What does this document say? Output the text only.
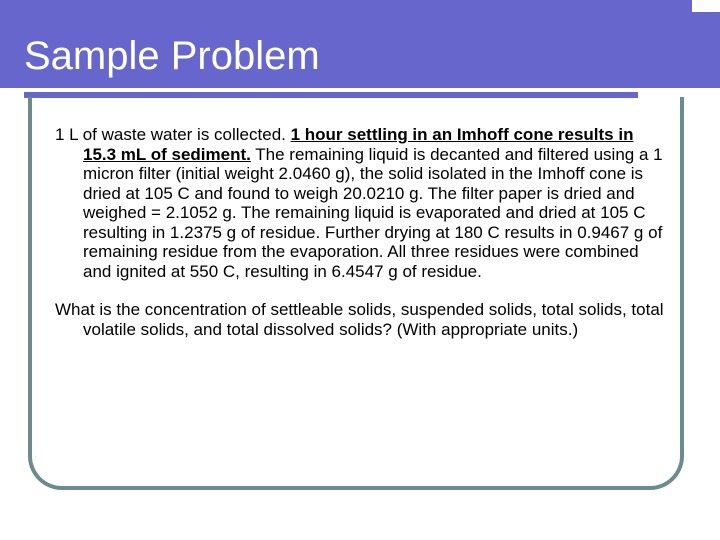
Sample Problem

1 L of waste water is collected. 1 hour settling in an Imhoff cone results in 15.3 mL of sediment. The remaining liquid is decanted and filtered using a 1 micron filter (initial weight 2.0460 g), the solid isolated in the Imhoff cone is dried at 105 C and found to weigh 20.0210 g. The filter paper is dried and weighed = 2.1052 g. The remaining liquid is evaporated and dried at 105 C resulting in 1.2375 g of residue. Further drying at 180 C results in 0.9467 g of remaining residue from the evaporation. All three residues were combined and ignited at 550 C, resulting in 6.4547 g of residue.

What is the concentration of settleable solids, suspended solids, total solids, total volatile solids, and total dissolved solids? (With appropriate units.)
